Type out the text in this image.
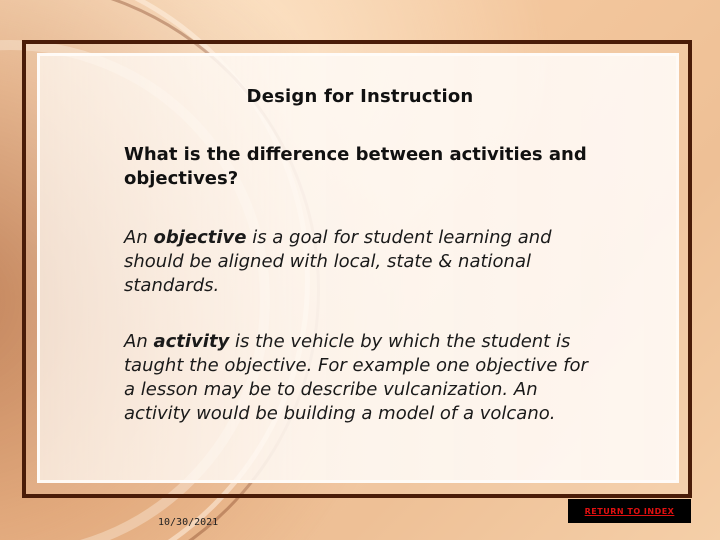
Design for Instruction
What is the difference between activities and objectives?
An objective is a goal for student learning and should be aligned with local, state & national standards.
An activity is the vehicle by which the student is taught the objective. For example one objective for a lesson may be to describe vulcanization. An activity would be building a model of a volcano.
10/30/2021
RETURN TO INDEX
